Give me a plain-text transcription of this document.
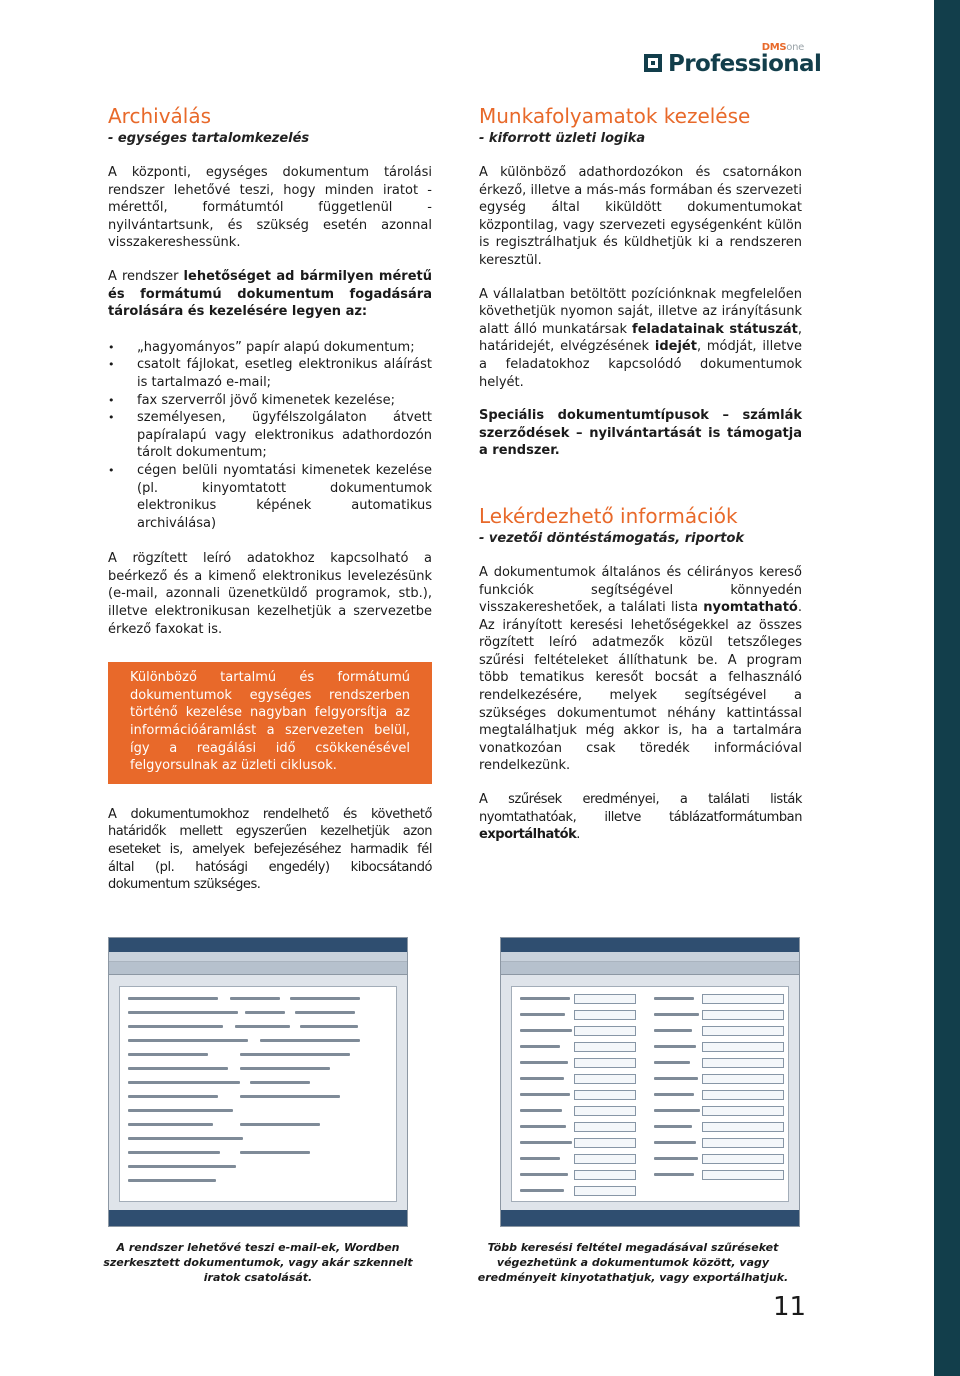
DMSone
Professional
Archiválás
- egységes tartalomkezelés

A központi, egységes dokumentum tárolási rendszer lehetővé teszi, hogy minden iratot - mérettől, formátumtól függetlenül -nyilvántartsunk, és szükség esetén azonnal visszakereshessünk.

A rendszer lehetőséget ad bármilyen méretű és formátumú dokumentum fogadására tárolására és kezelésére legyen az:

• „hagyományos” papír alapú dokumentum;
• csatolt fájlokat, esetleg elektronikus aláírást is tartalmazó e-mail;
• fax szerverről jövő kimenetek kezelése;
• személyesen, ügyfélszolgálaton átvett papíralapú vagy elektronikus adathordozón tárolt dokumentum;
• cégen belüli nyomtatási kimenetek kezelése (pl. kinyomtatott dokumentumok elektronikus képének automatikus archiválása)

A rögzített leíró adatokhoz kapcsolható a beérkező és a kimenő elektronikus levelezésünk (e-mail, azonnali üzenetküldő programok, stb.), illetve elektronikusan kezelhetjük a szervezetbe érkező faxokat is.

Különböző tartalmú és formátumú dokumentumok egységes rendszerben történő kezelése nagyban felgyorsítja az információáramlást a szervezeten belül, így a reagálási idő csökkenésével felgyorsulnak az üzleti ciklusok.

A dokumentumokhoz rendelhető és követhető határidők mellett egyszerűen kezelhetjük azon eseteket is, amelyek befejezéséhez harmadik fél által (pl. hatósági engedély) kibocsátandó dokumentum szükséges.

Munkafolyamatok kezelése
- kiforrott üzleti logika

A különböző adathordozókon és csatornákon érkező, illetve a más-más formában és szervezeti egység által kiküldött dokumentumokat központilag, vagy szervezeti egységenként külön is regisztrálhatjuk és küldhetjük ki a rendszeren keresztül.

A vállalatban betöltött pozíciónknak megfelelően követhetjük nyomon saját, illetve az irányításunk alatt álló munkatársak feladatainak státuszát, határidejét, elvégzésének idejét, módját, illetve a feladatokhoz kapcsolódó dokumentumok helyét.

Speciális dokumentumtípusok – számlák szerződések – nyilvántartását is támogatja a rendszer.

Lekérdezhető információk
- vezetői döntéstámogatás, riportok

A dokumentumok általános és célirányos kereső funkciók segítségével könnyedén visszakereshetőek, a találati lista nyomtatható. Az irányított keresési lehetőségekkel az összes rögzített leíró adatmezők közül tetszőleges szűrési feltételeket állíthatunk be. A program több tematikus keresőt bocsát a felhasználó rendelkezésére, melyek segítségével a szükséges dokumentumot néhány kattintással megtalálhatjuk még akkor is, ha a tartalmára vonatkozóan csak töredék információval rendelkezünk.

A szűrések eredményei, a találati listák nyomtathatóak, illetve táblázatformátumban exportálhatók.

A rendszer lehetővé teszi e-mail-ek, Wordben szerkesztett dokumentumok, vagy akár szkennelt iratok csatolását.
Több keresési feltétel megadásával szűréseket végezhetünk a dokumentumok között, vagy eredményeit kinyotathatjuk, vagy exportálhatjuk.
11
